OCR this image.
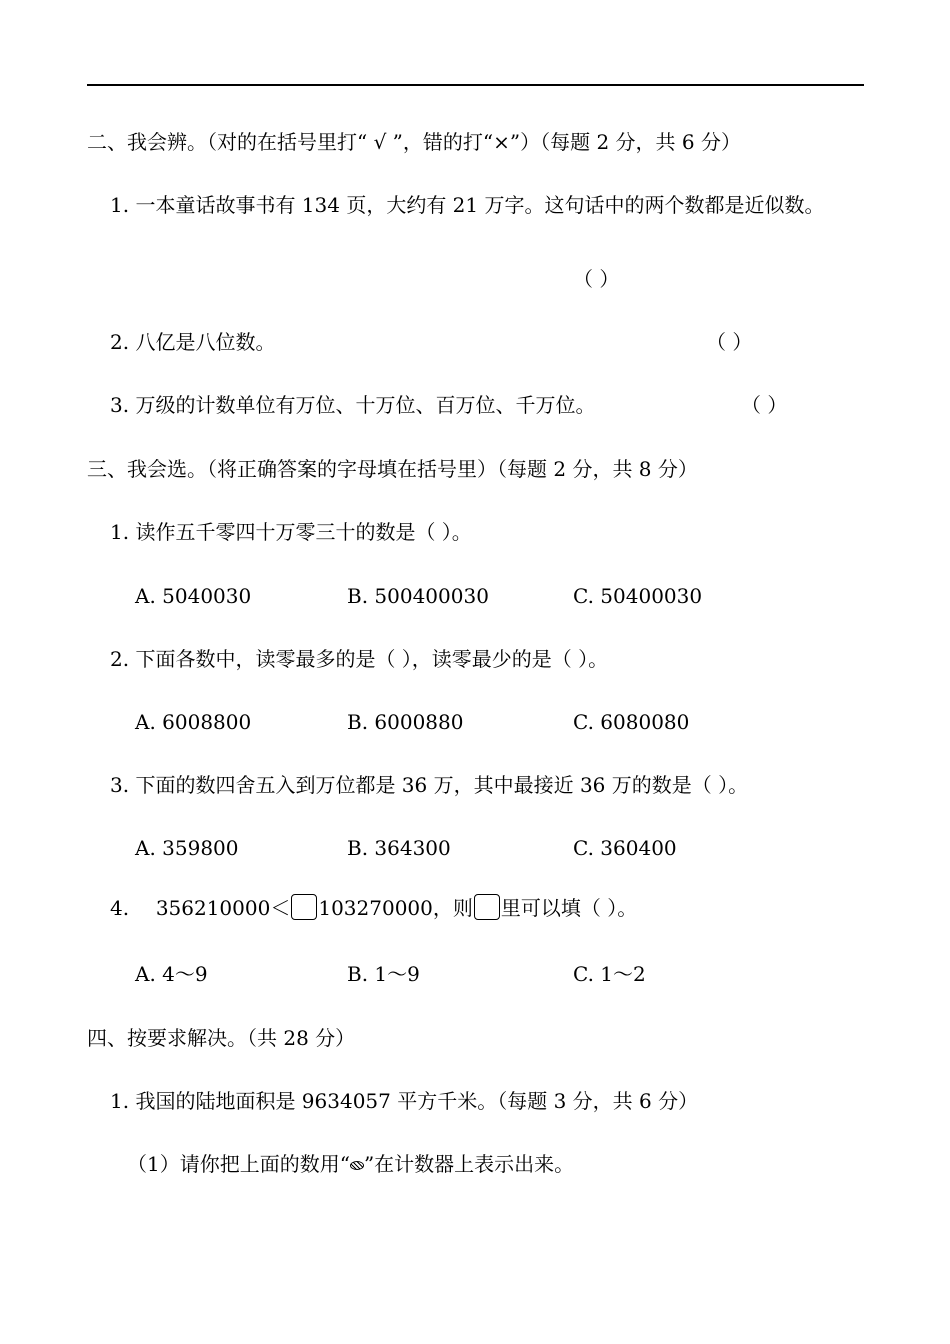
二、我会辨。（对的在括号里打“ √ ”，错的打“×”）（每题 2 分，共 6 分）
1. 一本童话故事书有 134 页，大约有 21 万字。这句话中的两个数都是近似数。
（ ）
2. 八亿是八位数。	（ ）
3. 万级的计数单位有万位、十万位、百万位、千万位。	（ ）
三、我会选。（将正确答案的字母填在括号里）（每题 2 分，共 8 分）
1. 读作五千零四十万零三十的数是（ ）。
A. 5040030	B. 500400030	C. 50400030
2. 下面各数中，读零最多的是（ ），读零最少的是（ ）。
A. 6008800	B. 6000880	C. 6080080
3. 下面的数四舍五入到万位都是 36 万，其中最接近 36 万的数是（ ）。
A. 359800	B. 364300	C. 360400
4. 356210000＜ 103270000，则 里可以填（ ）。
A. 4～9	B. 1～9	C. 1～2
四、按要求解决。（共 28 分）
1. 我国的陆地面积是 9634057 平方千米。（每题 3 分，共 6 分）
（1）请你把上面的数用“ ”在计数器上表示出来。
